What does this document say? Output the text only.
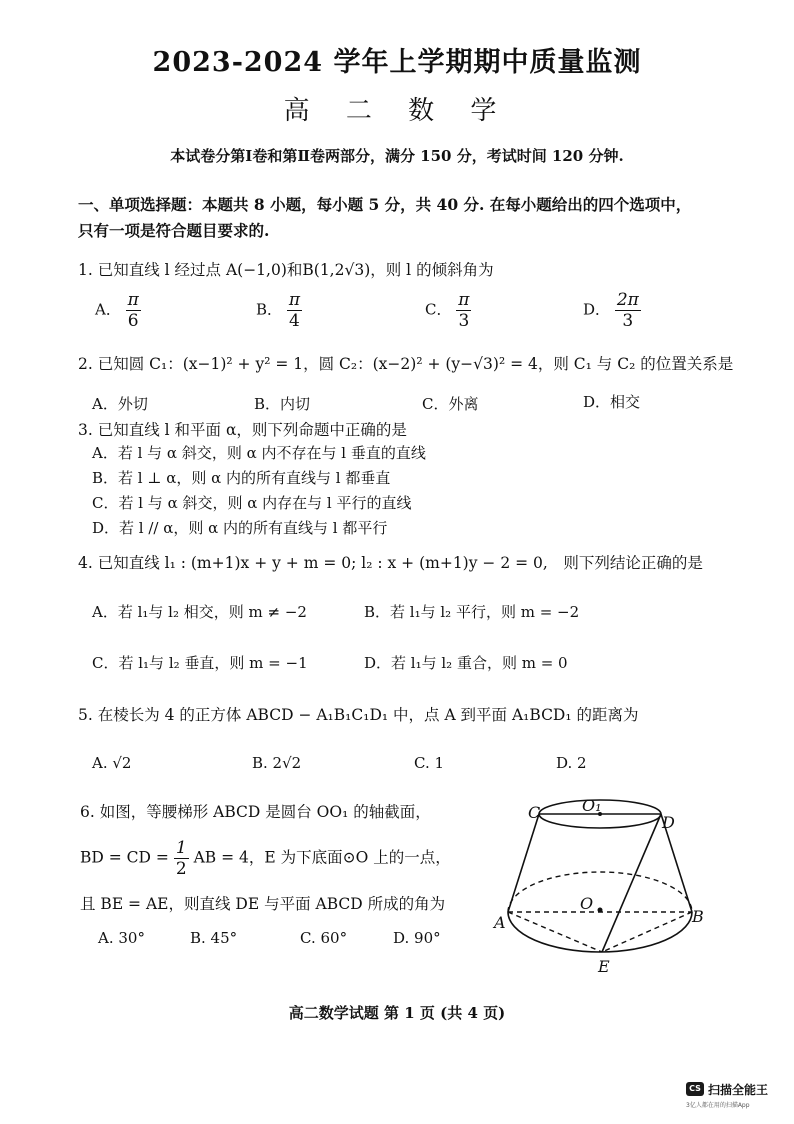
2023-2024 学年上学期期中质量监测
高 二 数 学
本试卷分第Ⅰ卷和第Ⅱ卷两部分，满分 150 分，考试时间 120 分钟.
一、单项选择题：本题共 8 小题，每小题 5 分，共 40 分. 在每小题给出的四个选项中，
只有一项是符合题目要求的.
1. 已知直线 l 经过点 A(−1,0)和B(1,2√3)，则 l 的倾斜角为
A． $\frac{\pi}{6}$	B． $\frac{\pi}{4}$	C． $\frac{\pi}{3}$	D． $\frac{2\pi}{3}$
2. 已知圆 C₁：(x−1)² + y² = 1，圆 C₂：(x−2)² + (y−√3)² = 4，则 C₁ 与 C₂ 的位置关系是
A．外切	B．内切	C．外离	D．相交
3. 已知直线 l 和平面 α，则下列命题中正确的是
A．若 l 与 α 斜交，则 α 内不存在与 l 垂直的直线
B．若 l ⊥ α，则 α 内的所有直线与 l 都垂直
C．若 l 与 α 斜交，则 α 内存在与 l 平行的直线
D．若 l // α，则 α 内的所有直线与 l 都平行
4. 已知直线 l₁ : (m+1)x + y + m = 0; l₂ : x + (m+1)y − 2 = 0,　则下列结论正确的是
A．若 l₁与 l₂ 相交，则 m ≠ −2	B．若 l₁与 l₂ 平行，则 m = −2
C．若 l₁与 l₂ 垂直，则 m = −1	D．若 l₁与 l₂ 重合，则 m = 0
5. 在棱长为 4 的正方体 ABCD − A₁B₁C₁D₁ 中，点 A 到平面 A₁BCD₁ 的距离为
A. √2	B. 2√2	C. 1	D. 2
6. 如图，等腰梯形 ABCD 是圆台 OO₁ 的轴截面，
BD = CD = $\frac{1}{2}$ AB = 4，E 为下底面⊙O 上的一点，
且 BE = AE，则直线 DE 与平面 ABCD 所成的角为
A. 30°	B. 45°	C. 60°	D. 90°
C	O₁
D
O
A	B
E
高二数学试题 第 1 页 (共 4 页)
CS 扫描全能王
3亿人都在用的扫描App
